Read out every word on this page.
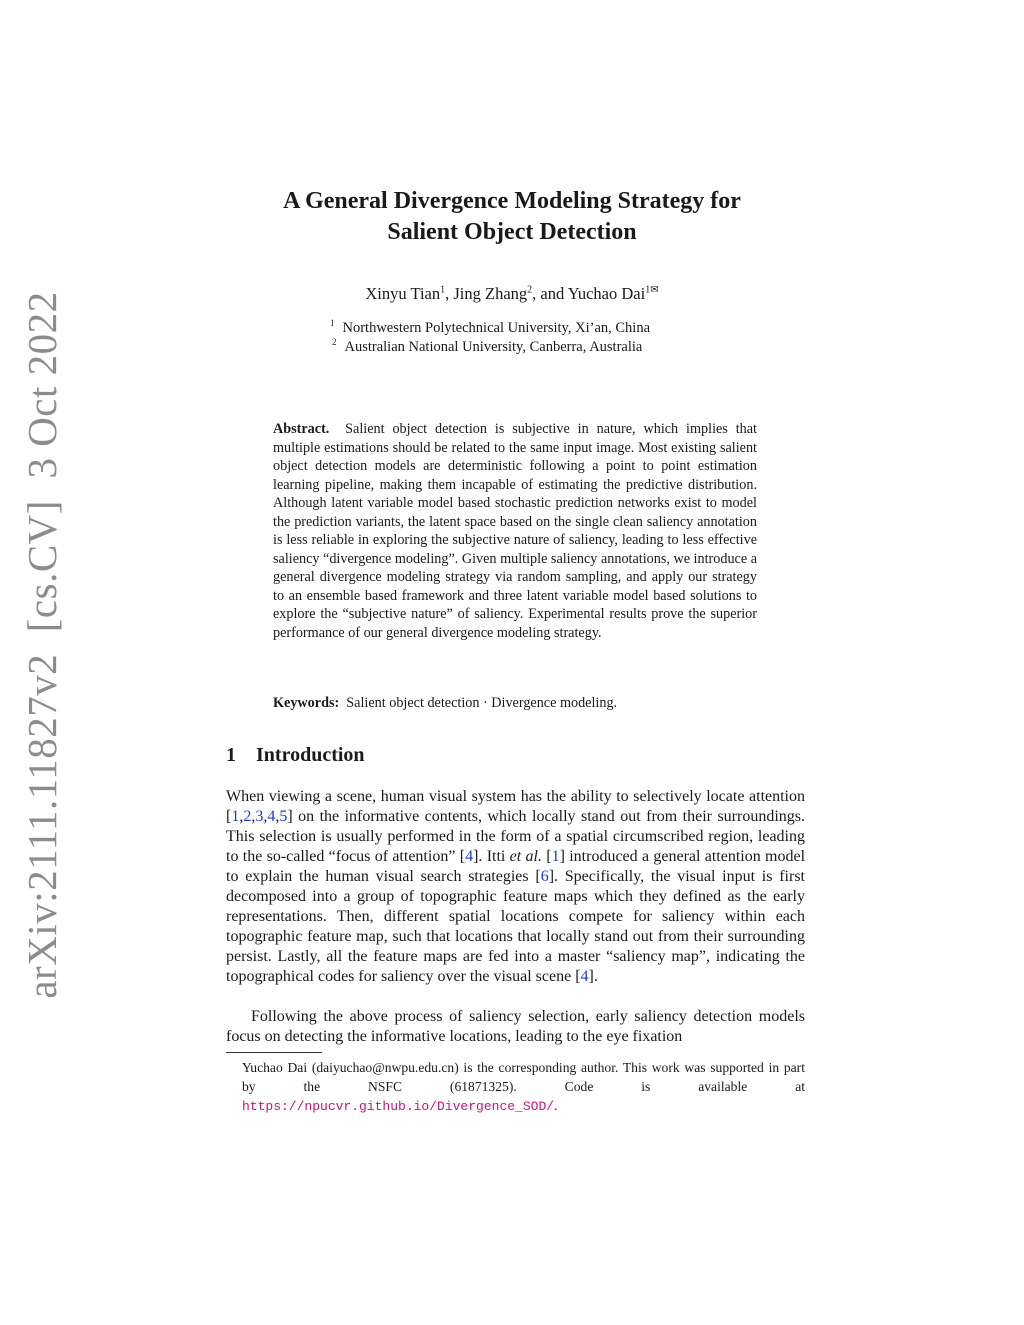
arXiv:2111.11827v2  [cs.CV]  3 Oct 2022
A General Divergence Modeling Strategy for
Salient Object Detection
Xinyu Tian$^1$, Jing Zhang$^2$, and Yuchao Dai$^{1✉}$
$^1$ Northwestern Polytechnical University, Xi’an, China
$^2$ Australian National University, Canberra, Australia
Abstract. Salient object detection is subjective in nature, which implies that multiple estimations should be related to the same input image. Most existing salient object detection models are deterministic following a point to point estimation learning pipeline, making them incapable of estimating the predictive distribution. Although latent variable model based stochastic prediction networks exist to model the prediction variants, the latent space based on the single clean saliency annotation is less reliable in exploring the subjective nature of saliency, leading to less effective saliency “divergence modeling”. Given multiple saliency annotations, we introduce a general divergence modeling strategy via random sampling, and apply our strategy to an ensemble based framework and three latent variable model based solutions to explore the “subjective nature” of saliency. Experimental results prove the superior performance of our general divergence modeling strategy.
Keywords: Salient object detection · Divergence modeling.
1 Introduction
When viewing a scene, human visual system has the ability to selectively locate attention [1,2,3,4,5] on the informative contents, which locally stand out from their surroundings. This selection is usually performed in the form of a spatial circumscribed region, leading to the so-called “focus of attention” [4]. Itti et al. [1] introduced a general attention model to explain the human visual search strategies [6]. Specifically, the visual input is first decomposed into a group of topographic feature maps which they defined as the early representations. Then, different spatial locations compete for saliency within each topographic feature map, such that locations that locally stand out from their surrounding persist. Lastly, all the feature maps are fed into a master “saliency map”, indicating the topographical codes for saliency over the visual scene [4].
Following the above process of saliency selection, early saliency detection models focus on detecting the informative locations, leading to the eye fixation
Yuchao Dai (daiyuchao@nwpu.edu.cn) is the corresponding author. This work was supported in part by the NSFC (61871325). Code is available at https://npucvr.github.io/Divergence_SOD/.
